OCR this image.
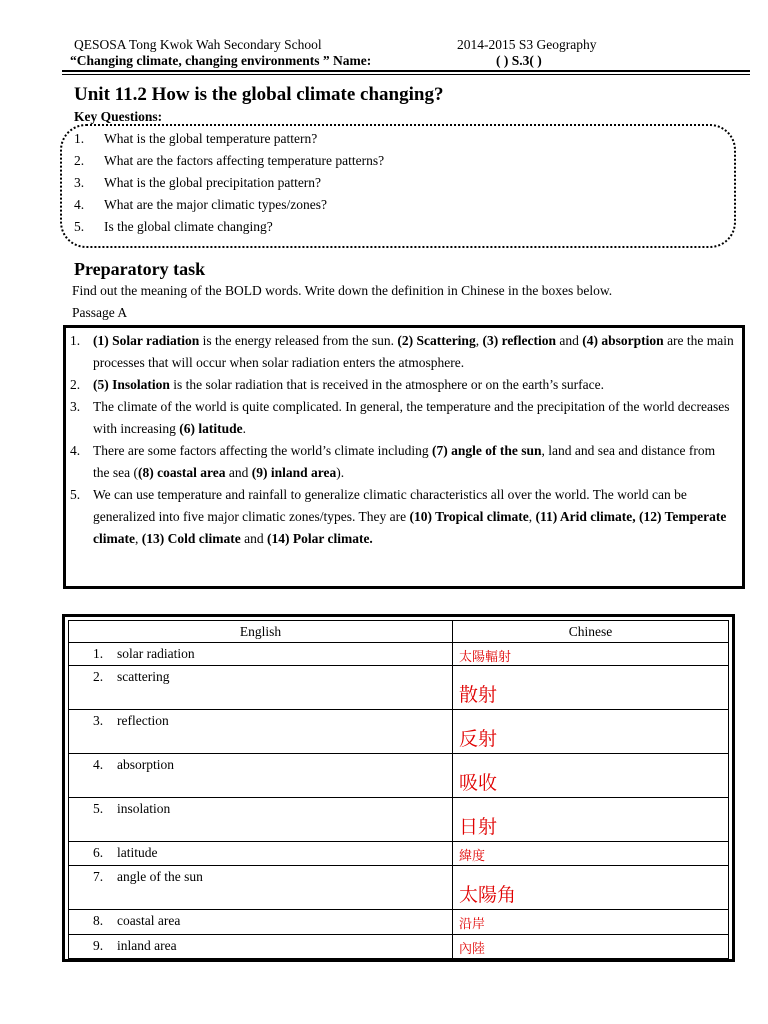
QESOSA Tong Kwok Wah Secondary School	2014-2015 S3 Geography
“Changing climate, changing environments ” Name:	( ) S.3( )
Unit 11.2 How is the global climate changing?
Key Questions:
1. What is the global temperature pattern?
2. What are the factors affecting temperature patterns?
3. What is the global precipitation pattern?
4. What are the major climatic types/zones?
5. Is the global climate changing?
Preparatory task
Find out the meaning of the BOLD words. Write down the definition in Chinese in the boxes below.
Passage A
1. (1) Solar radiation is the energy released from the sun. (2) Scattering, (3) reflection and (4) absorption are the main processes that will occur when solar radiation enters the atmosphere.
2. (5) Insolation is the solar radiation that is received in the atmosphere or on the earth’s surface.
3. The climate of the world is quite complicated. In general, the temperature and the precipitation of the world decreases with increasing (6) latitude.
4. There are some factors affecting the world’s climate including (7) angle of the sun, land and sea and distance from the sea ((8) coastal area and (9) inland area).
5. We can use temperature and rainfall to generalize climatic characteristics all over the world. The world can be generalized into five major climatic zones/types. They are (10) Tropical climate, (11) Arid climate, (12) Temperate climate, (13) Cold climate and (14) Polar climate.
English	Chinese

1. solar radiation	太陽輻射

2. scattering	散射

3. reflection	反射

4. absorption	吸收

5. insolation	日射

6. latitude	緯度

7. angle of the sun	太陽角

8. coastal area	沿岸

9. inland area	內陸
